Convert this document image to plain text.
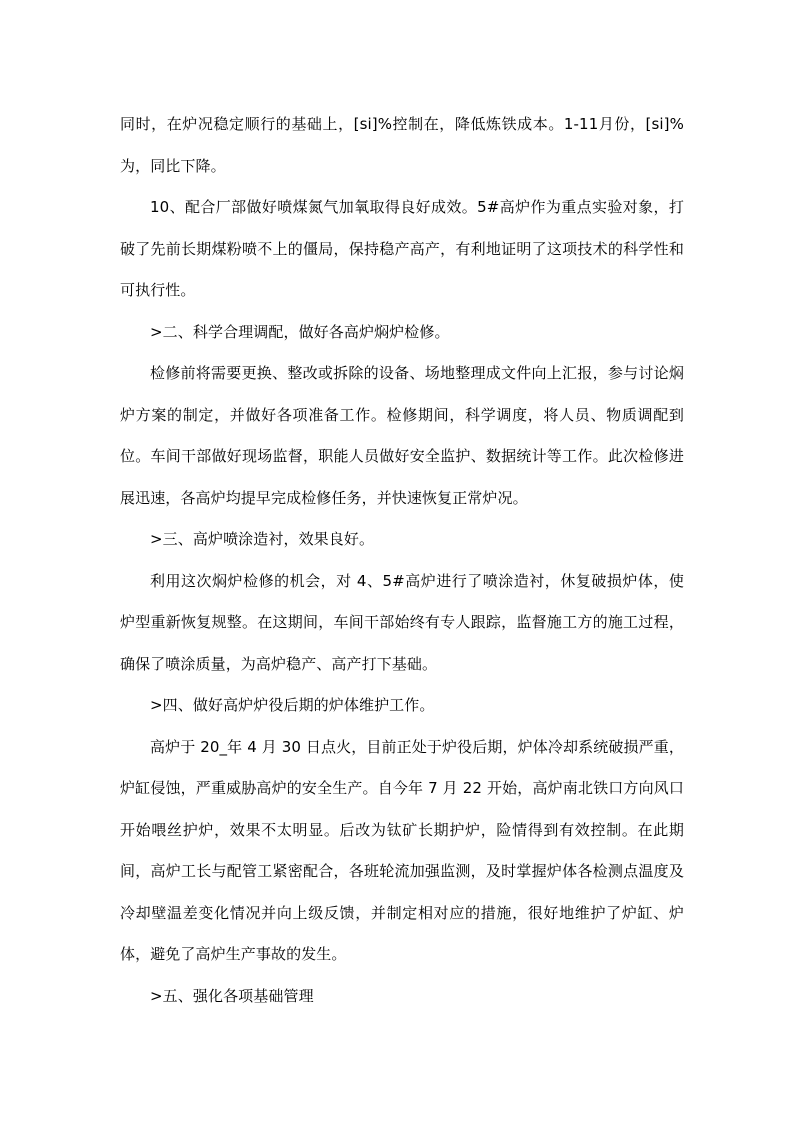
同时，在炉况稳定顺行的基础上，[si]%控制在，降低炼铁成本。1-11月份，[si]%为，同比下降。

10、配合厂部做好喷煤氮气加氧取得良好成效。5#高炉作为重点实验对象，打破了先前长期煤粉喷不上的僵局，保持稳产高产，有利地证明了这项技术的科学性和可执行性。

>二、科学合理调配，做好各高炉焖炉检修。

检修前将需要更换、整改或拆除的设备、场地整理成文件向上汇报，参与讨论焖炉方案的制定，并做好各项准备工作。检修期间，科学调度，将人员、物质调配到位。车间干部做好现场监督，职能人员做好安全监护、数据统计等工作。此次检修进展迅速，各高炉均提早完成检修任务，并快速恢复正常炉况。

>三、高炉喷涂造衬，效果良好。

利用这次焖炉检修的机会，对 4、5#高炉进行了喷涂造衬，休复破损炉体，使炉型重新恢复规整。在这期间，车间干部始终有专人跟踪，监督施工方的施工过程，确保了喷涂质量，为高炉稳产、高产打下基础。

>四、做好高炉炉役后期的炉体维护工作。

高炉于 20_年 4 月 30 日点火，目前正处于炉役后期，炉体冷却系统破损严重，炉缸侵蚀，严重威胁高炉的安全生产。自今年 7 月 22 开始，高炉南北铁口方向风口开始喂丝护炉，效果不太明显。后改为钛矿长期护炉，险情得到有效控制。在此期间，高炉工长与配管工紧密配合，各班轮流加强监测，及时掌握炉体各检测点温度及冷却壁温差变化情况并向上级反馈，并制定相对应的措施，很好地维护了炉缸、炉体，避免了高炉生产事故的发生。

>五、强化各项基础管理
